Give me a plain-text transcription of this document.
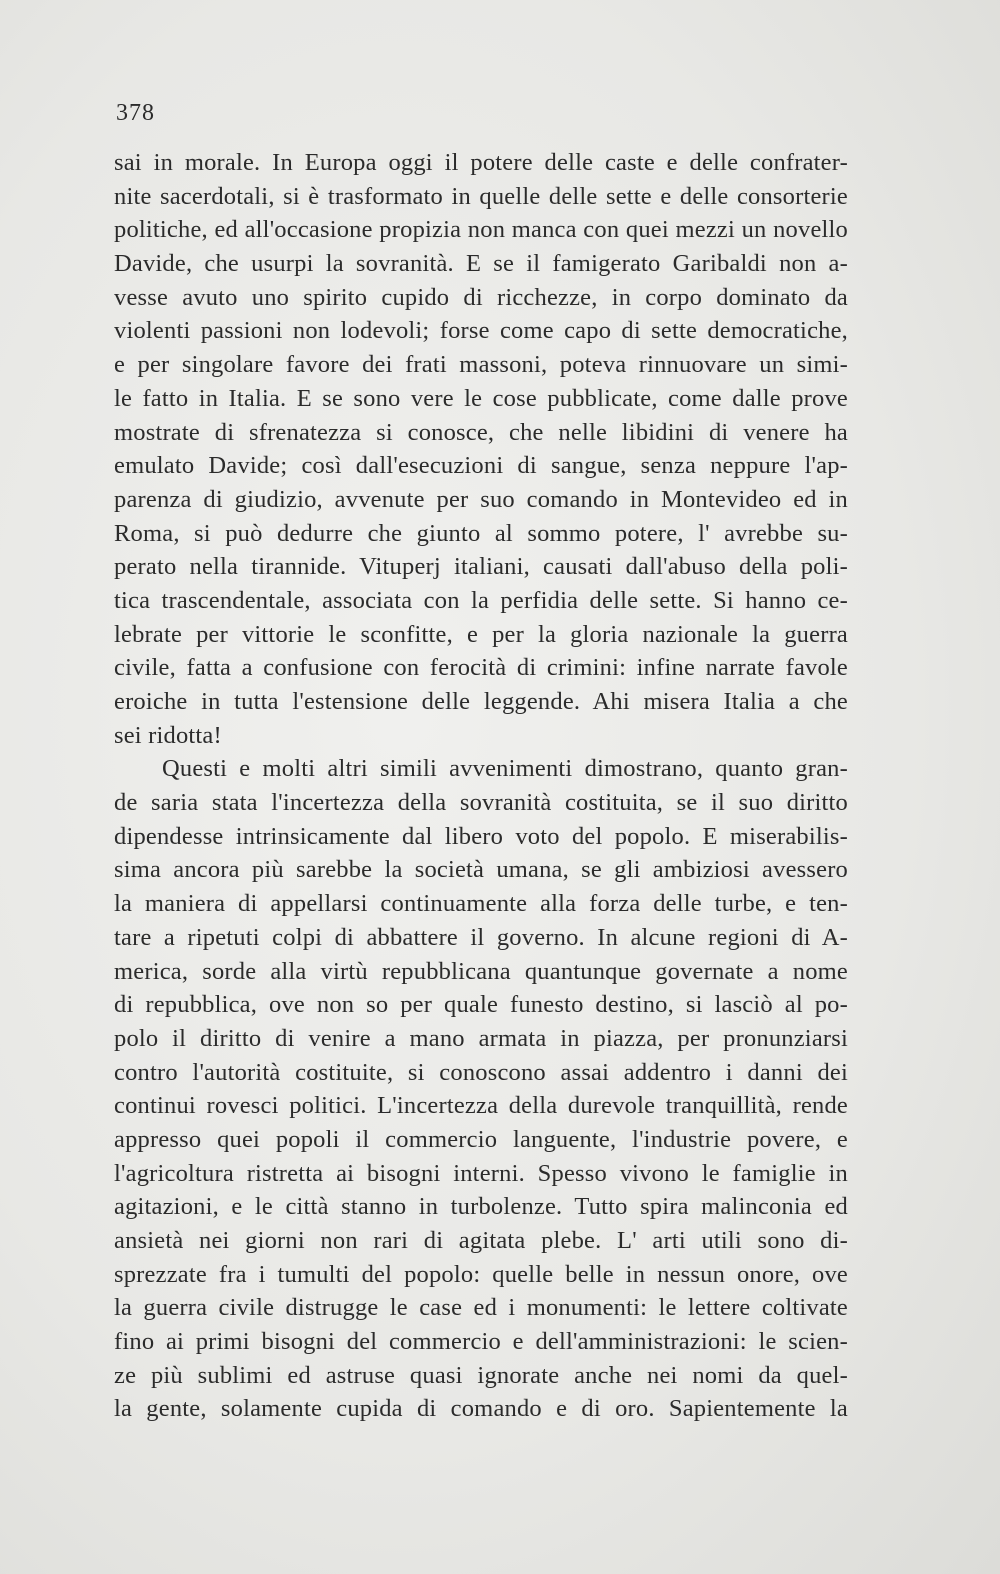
378
sai in morale. In Europa oggi il potere delle caste e delle confrater-
nite sacerdotali, si è trasformato in quelle delle sette e delle consorterie
politiche, ed all'occasione propizia non manca con quei mezzi un novello
Davide, che usurpi la sovranità. E se il famigerato Garibaldi non a-
vesse avuto uno spirito cupido di ricchezze, in corpo dominato da
violenti passioni non lodevoli; forse come capo di sette democratiche,
e per singolare favore dei frati massoni, poteva rinnuovare un simi-
le fatto in Italia. E se sono vere le cose pubblicate, come dalle prove
mostrate di sfrenatezza si conosce, che nelle libidini di venere ha
emulato Davide; così dall'esecuzioni di sangue, senza neppure l'ap-
parenza di giudizio, avvenute per suo comando in Montevideo ed in
Roma, si può dedurre che giunto al sommo potere, l' avrebbe su-
perato nella tirannide. Vituperj italiani, causati dall'abuso della poli-
tica trascendentale, associata con la perfidia delle sette. Si hanno ce-
lebrate per vittorie le sconfitte, e per la gloria nazionale la guerra
civile, fatta a confusione con ferocità di crimini: infine narrate favole
eroiche in tutta l'estensione delle leggende. Ahi misera Italia a che
sei ridotta!
Questi e molti altri simili avvenimenti dimostrano, quanto gran-
de saria stata l'incertezza della sovranità costituita, se il suo diritto
dipendesse intrinsicamente dal libero voto del popolo. E miserabilis-
sima ancora più sarebbe la società umana, se gli ambiziosi avessero
la maniera di appellarsi continuamente alla forza delle turbe, e ten-
tare a ripetuti colpi di abbattere il governo. In alcune regioni di A-
merica, sorde alla virtù repubblicana quantunque governate a nome
di repubblica, ove non so per quale funesto destino, si lasciò al po-
polo il diritto di venire a mano armata in piazza, per pronunziarsi
contro l'autorità costituite, si conoscono assai addentro i danni dei
continui rovesci politici. L'incertezza della durevole tranquillità, rende
appresso quei popoli il commercio languente, l'industrie povere, e
l'agricoltura ristretta ai bisogni interni. Spesso vivono le famiglie in
agitazioni, e le città stanno in turbolenze. Tutto spira malinconia ed
ansietà nei giorni non rari di agitata plebe. L' arti utili sono di-
sprezzate fra i tumulti del popolo: quelle belle in nessun onore, ove
la guerra civile distrugge le case ed i monumenti: le lettere coltivate
fino ai primi bisogni del commercio e dell'amministrazioni: le scien-
ze più sublimi ed astruse quasi ignorate anche nei nomi da quel-
la gente, solamente cupida di comando e di oro. Sapientemente la
